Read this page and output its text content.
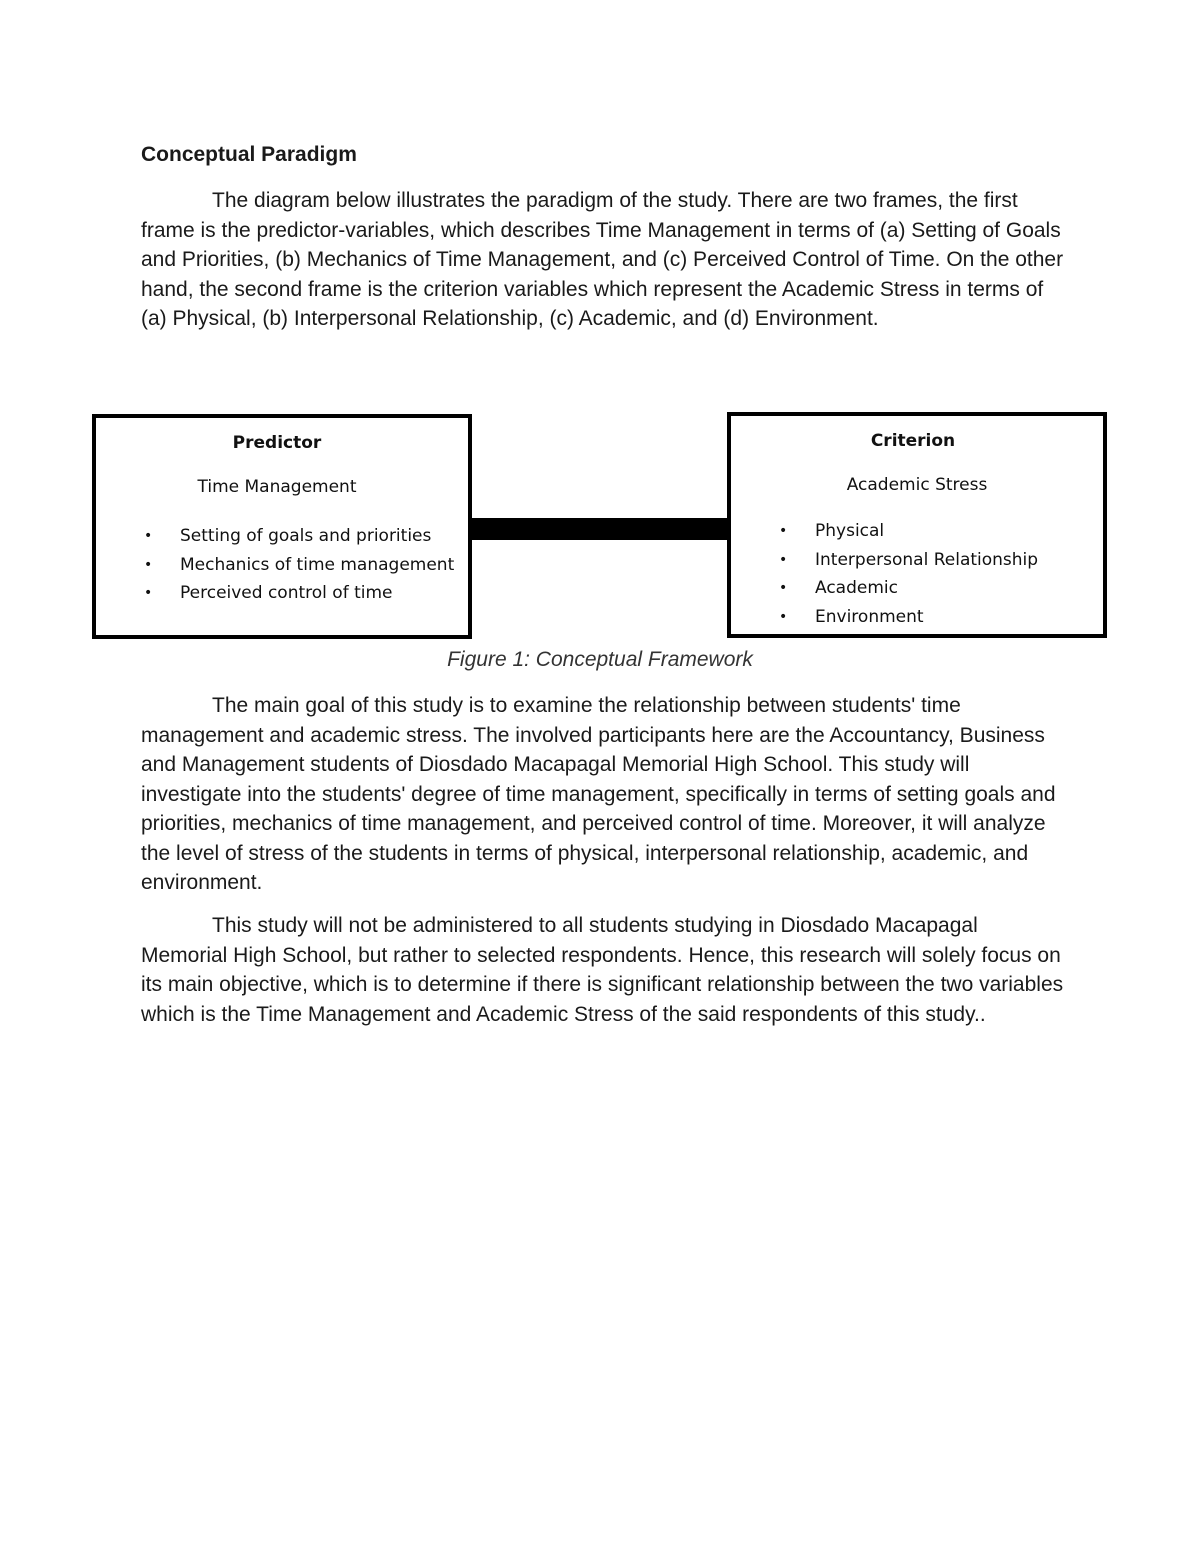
Conceptual Paradigm

The diagram below illustrates the paradigm of the study. There are two frames, the first frame is the predictor-variables, which describes Time Management in terms of (a) Setting of Goals and Priorities, (b) Mechanics of Time Management, and (c) Perceived Control of Time. On the other hand, the second frame is the criterion variables which represent the Academic Stress in terms of (a) Physical, (b) Interpersonal Relationship, (c) Academic, and (d) Environment.

Predictor
Time Management
• Setting of goals and priorities
• Mechanics of time management
• Perceived control of time
Criterion
Academic Stress
• Physical
• Interpersonal Relationship
• Academic
• Environment
Figure 1: Conceptual Framework

The main goal of this study is to examine the relationship between students' time management and academic stress. The involved participants here are the Accountancy, Business and Management students of Diosdado Macapagal Memorial High School. This study will investigate into the students' degree of time management, specifically in terms of setting goals and priorities, mechanics of time management, and perceived control of time. Moreover, it will analyze the level of stress of the students in terms of physical, interpersonal relationship, academic, and environment.

This study will not be administered to all students studying in Diosdado Macapagal Memorial High School, but rather to selected respondents. Hence, this research will solely focus on its main objective, which is to determine if there is significant relationship between the two variables which is the Time Management and Academic Stress of the said respondents of this study..
